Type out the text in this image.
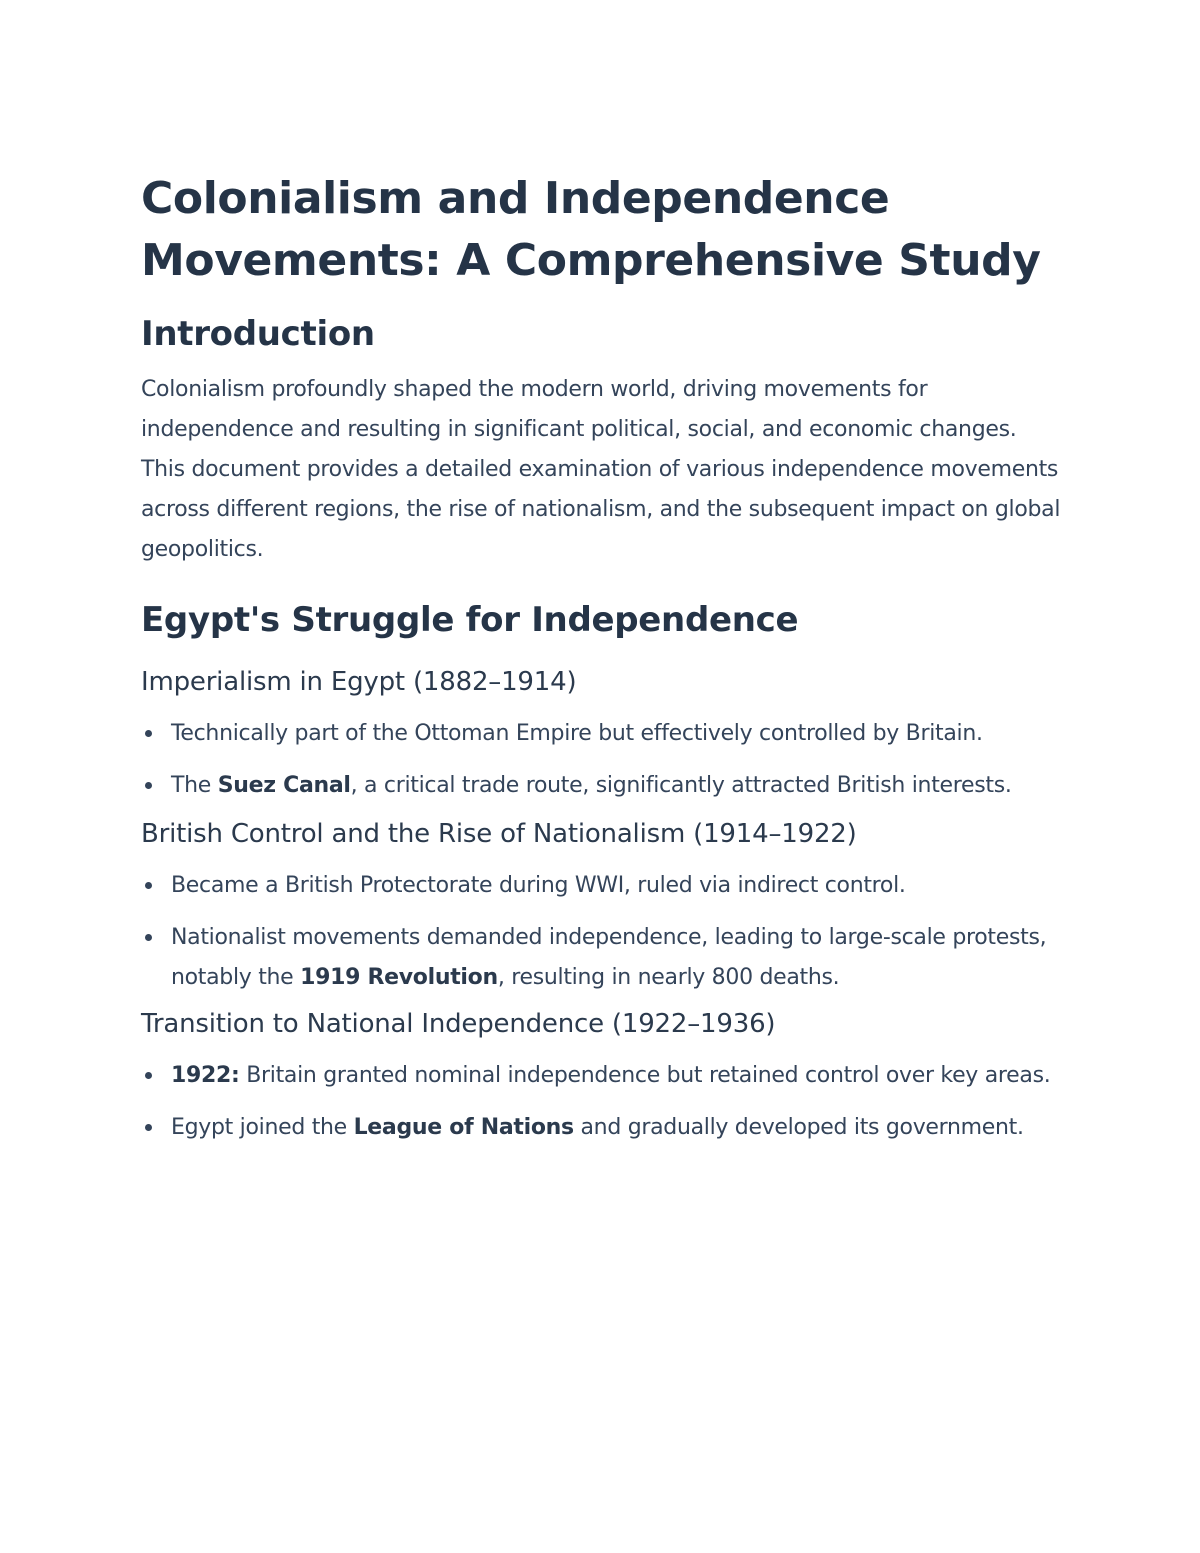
Colonialism and Independence Movements: A Comprehensive Study
Introduction

Colonialism profoundly shaped the modern world, driving movements for independence and resulting in significant political, social, and economic changes. This document provides a detailed examination of various independence movements across different regions, the rise of nationalism, and the subsequent impact on global geopolitics.

Egypt's Struggle for Independence
Imperialism in Egypt (1882–1914)
Technically part of the Ottoman Empire but effectively controlled by Britain.
The Suez Canal, a critical trade route, significantly attracted British interests.
British Control and the Rise of Nationalism (1914–1922)
Became a British Protectorate during WWI, ruled via indirect control.
Nationalist movements demanded independence, leading to large-scale protests, notably the 1919 Revolution, resulting in nearly 800 deaths.
Transition to National Independence (1922–1936)
1922: Britain granted nominal independence but retained control over key areas.
Egypt joined the League of Nations and gradually developed its government.
